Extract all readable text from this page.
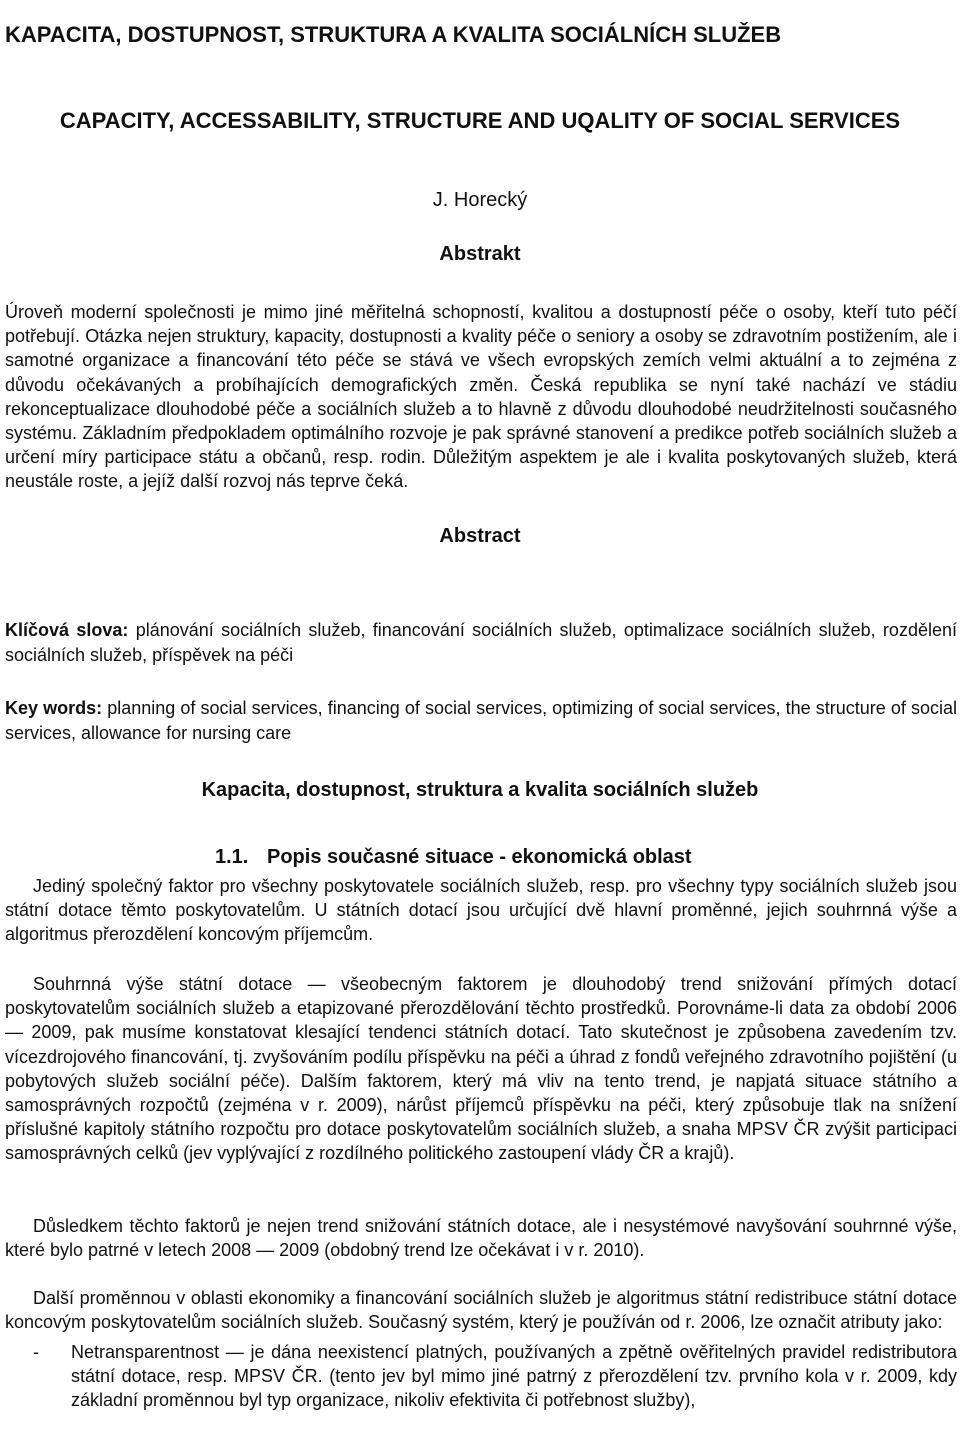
KAPACITA, DOSTUPNOST, STRUKTURA A KVALITA SOCIÁLNÍCH SLUŽEB
CAPACITY, ACCESSABILITY, STRUCTURE AND UQALITY OF SOCIAL SERVICES
J. Horecký
Abstrakt

Úroveň moderní společnosti je mimo jiné měřitelná schopností, kvalitou a dostupností péče o osoby, kteří tuto péčí potřebují. Otázka nejen struktury, kapacity, dostupnosti a kvality péče o seniory a osoby se zdravotním postižením, ale i samotné organizace a financování této péče se stává ve všech evropských zemích velmi aktuální a to zejména z důvodu očekávaných a probíhajících demografických změn. Česká republika se nyní také nachází ve stádiu rekonceptualizace dlouhodobé péče a sociálních služeb a to hlavně z důvodu dlouhodobé neudržitelnosti současného systému. Základním předpokladem optimálního rozvoje je pak správné stanovení a predikce potřeb sociálních služeb a určení míry participace státu a občanů, resp. rodin. Důležitým aspektem je ale i kvalita poskytovaných služeb, která neustále roste, a jejíž další rozvoj nás teprve čeká.

Abstract

Klíčová slova: plánování sociálních služeb, financování sociálních služeb, optimalizace sociálních služeb, rozdělení sociálních služeb, příspěvek na péči

Key words: planning of social services, financing of social services, optimizing of social services, the structure of social services, allowance for nursing care

Kapacita, dostupnost, struktura a kvalita sociálních služeb
1.1. Popis současné situace - ekonomická oblast

Jediný společný faktor pro všechny poskytovatele sociálních služeb, resp. pro všechny typy sociálních služeb jsou státní dotace těmto poskytovatelům. U státních dotací jsou určující dvě hlavní proměnné, jejich souhrnná výše a algoritmus přerozdělení koncovým příjemcům.

Souhrnná výše státní dotace — všeobecným faktorem je dlouhodobý trend snižování přímých dotací poskytovatelům sociálních služeb a etapizované přerozdělování těchto prostředků. Porovnáme-li data za období 2006 — 2009, pak musíme konstatovat klesající tendenci státních dotací. Tato skutečnost je způsobena zavedením tzv. vícezdrojového financování, tj. zvyšováním podílu příspěvku na péči a úhrad z fondů veřejného zdravotního pojištění (u pobytových služeb sociální péče). Dalším faktorem, který má vliv na tento trend, je napjatá situace státního a samosprávných rozpočtů (zejména v r. 2009), nárůst příjemců příspěvku na péči, který způsobuje tlak na snížení příslušné kapitoly státního rozpočtu pro dotace poskytovatelům sociálních služeb, a snaha MPSV ČR zvýšit participaci samosprávných celků (jev vyplývající z rozdílného politického zastoupení vlády ČR a krajů).

Důsledkem těchto faktorů je nejen trend snižování státních dotace, ale i nesystémové navyšování souhrnné výše, které bylo patrné v letech 2008 — 2009 (obdobný trend lze očekávat i v r. 2010).

Další proměnnou v oblasti ekonomiky a financování sociálních služeb je algoritmus státní redistribuce státní dotace koncovým poskytovatelům sociálních služeb. Současný systém, který je používán od r. 2006, lze označit atributy jako:

-	Netransparentnost — je dána neexistencí platných, používaných a zpětně ověřitelných pravidel redistributora státní dotace, resp. MPSV ČR. (tento jev byl mimo jiné patrný z přerozdělení tzv. prvního kola v r. 2009, kdy základní proměnnou byl typ organizace, nikoliv efektivita či potřebnost služby),
